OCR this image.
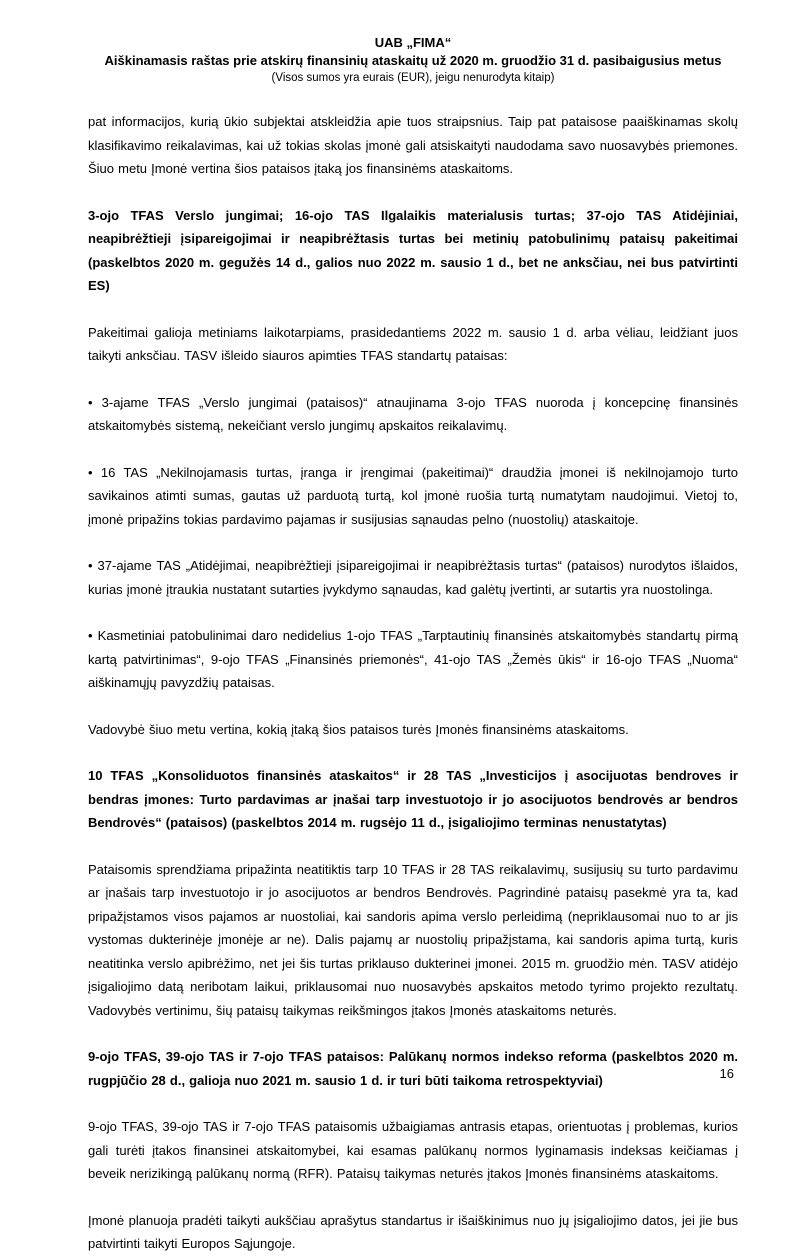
UAB „FIMA“
Aiškinamasis raštas prie atskirų finansinių ataskaitų už 2020 m. gruodžio 31 d. pasibaigusius metus
(Visos sumos yra eurais (EUR), jeigu nenurodyta kitaip)

pat informacijos, kurią ūkio subjektai atskleidžia apie tuos straipsnius. Taip pat pataisose paaiškinamas skolų klasifikavimo reikalavimas, kai už tokias skolas įmonė gali atsiskaityti naudodama savo nuosavybės priemones. Šiuo metu Įmonė vertina šios pataisos įtaką jos finansinėms ataskaitoms.

3-ojo TFAS Verslo jungimai; 16-ojo TAS Ilgalaikis materialusis turtas; 37-ojo TAS Atidėjiniai, neapibrėžtieji įsipareigojimai ir neapibrėžtasis turtas bei metinių patobulinimų pataisų pakeitimai (paskelbtos 2020 m. gegužės 14 d., galios nuo 2022 m. sausio 1 d., bet ne anksčiau, nei bus patvirtinti ES)

Pakeitimai galioja metiniams laikotarpiams, prasidedantiems 2022 m. sausio 1 d. arba vėliau, leidžiant juos taikyti anksčiau. TASV išleido siauros apimties TFAS standartų pataisas:

• 3-ajame TFAS „Verslo jungimai (pataisos)“ atnaujinama 3-ojo TFAS nuoroda į koncepcinę finansinės atskaitomybės sistemą, nekeičiant verslo jungimų apskaitos reikalavimų.

• 16 TAS „Nekilnojamasis turtas, įranga ir įrengimai (pakeitimai)“ draudžia įmonei iš nekilnojamojo turto savikainos atimti sumas, gautas už parduotą turtą, kol įmonė ruošia turtą numatytam naudojimui. Vietoj to, įmonė pripažins tokias pardavimo pajamas ir susijusias sąnaudas pelno (nuostolių) ataskaitoje.

• 37-ajame TAS „Atidėjimai, neapibrėžtieji įsipareigojimai ir neapibrėžtasis turtas“ (pataisos) nurodytos išlaidos, kurias įmonė įtraukia nustatant sutarties įvykdymo sąnaudas, kad galėtų įvertinti, ar sutartis yra nuostolinga.

• Kasmetiniai patobulinimai daro nedidelius 1-ojo TFAS „Tarptautinių finansinės atskaitomybės standartų pirmą kartą patvirtinimas“, 9-ojo TFAS „Finansinės priemonės“, 41-ojo TAS „Žemės ūkis“ ir 16-ojo TFAS „Nuoma“ aiškinamųjų pavyzdžių pataisas.

Vadovybė šiuo metu vertina, kokią įtaką šios pataisos turės Įmonės finansinėms ataskaitoms.

10 TFAS „Konsoliduotos finansinės ataskaitos“ ir 28 TAS „Investicijos į asocijuotas bendroves ir bendras įmones: Turto pardavimas ar įnašai tarp investuotojo ir jo asocijuotos bendrovės ar bendros Bendrovės“ (pataisos) (paskelbtos 2014 m. rugsėjo 11 d., įsigaliojimo terminas nenustatytas)

Pataisomis sprendžiama pripažinta neatitiktis tarp 10 TFAS ir 28 TAS reikalavimų, susijusių su turto pardavimu ar įnašais tarp investuotojo ir jo asocijuotos ar bendros Bendrovės. Pagrindinė pataisų pasekmė yra ta, kad pripažįstamos visos pajamos ar nuostoliai, kai sandoris apima verslo perleidimą (nepriklausomai nuo to ar jis vystomas dukterinėje įmonėje ar ne). Dalis pajamų ar nuostolių pripažįstama, kai sandoris apima turtą, kuris neatitinka verslo apibrėžimo, net jei šis turtas priklauso dukterinei įmonei. 2015 m. gruodžio mėn. TASV atidėjo įsigaliojimo datą neribotam laikui, priklausomai nuo nuosavybės apskaitos metodo tyrimo projekto rezultatų. Vadovybės vertinimu, šių pataisų taikymas reikšmingos įtakos Įmonės ataskaitoms neturės.

9-ojo TFAS, 39-ojo TAS ir 7-ojo TFAS pataisos: Palūkanų normos indekso reforma (paskelbtos 2020 m. rugpjūčio 28 d., galioja nuo 2021 m. sausio 1 d. ir turi būti taikoma retrospektyviai)

9-ojo TFAS, 39-ojo TAS ir 7-ojo TFAS pataisomis užbaigiamas antrasis etapas, orientuotas į problemas, kurios gali turėti įtakos finansinei atskaitomybei, kai esamas palūkanų normos lyginamasis indeksas keičiamas į beveik nerizikingą palūkanų normą (RFR). Pataisų taikymas neturės įtakos Įmonės finansinėms ataskaitoms.

Įmonė planuoja pradėti taikyti aukščiau aprašytus standartus ir išaiškinimus nuo jų įsigaliojimo datos, jei jie bus patvirtinti taikyti Europos Sąjungoje.

16
